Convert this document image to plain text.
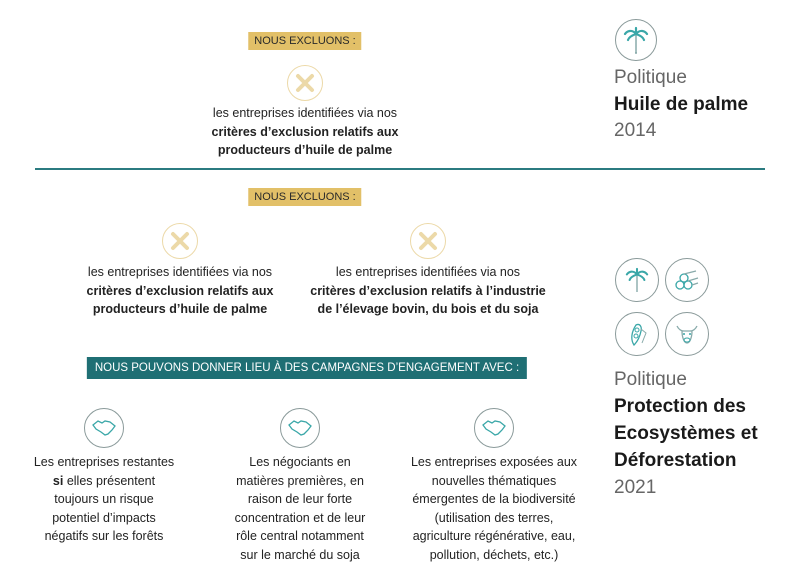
NOUS EXCLUONS :
les entreprises identifiées via nos
critères d’exclusion relatifs aux
producteurs d’huile de palme
Politique
Huile de palme
2014
NOUS EXCLUONS :
les entreprises identifiées via nos
critères d’exclusion relatifs aux
producteurs d’huile de palme
les entreprises identifiées via nos
critères d’exclusion relatifs à l’industrie
de l’élevage bovin, du bois et du soja
NOUS POUVONS DONNER LIEU À DES CAMPAGNES D’ENGAGEMENT AVEC :
Les entreprises restantes
si elles présentent
toujours un risque
potentiel d’impacts
négatifs sur les forêts
Les négociants en
matières premières, en
raison de leur forte
concentration et de leur
rôle central notamment
sur le marché du soja
Les entreprises exposées aux
nouvelles thématiques
émergentes de la biodiversité
(utilisation des terres,
agriculture régénérative, eau,
pollution, déchets, etc.)
Politique
Protection des
Ecosystèmes et
Déforestation
2021
